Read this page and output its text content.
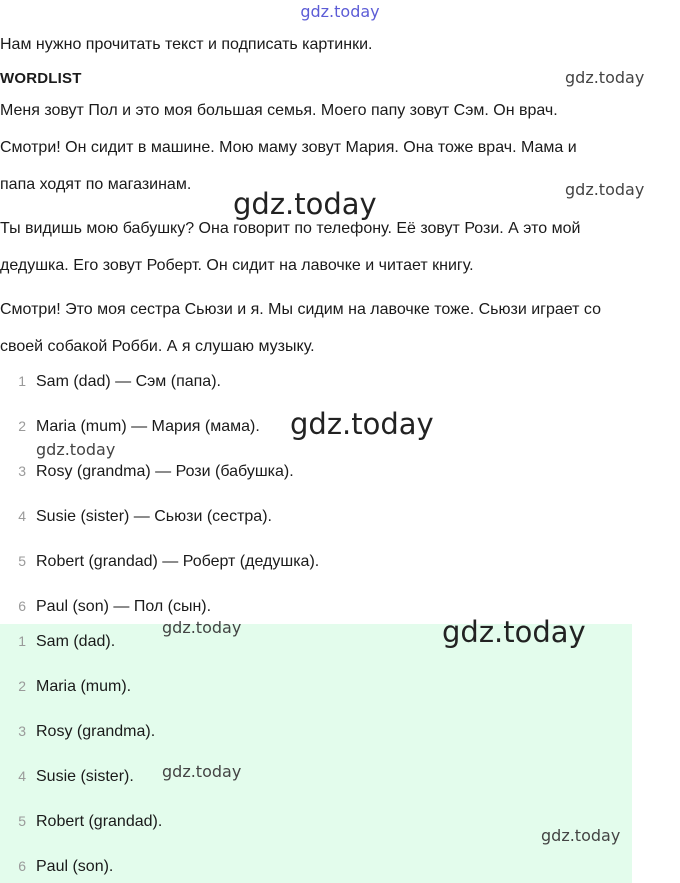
gdz.today
Нам нужно прочитать текст и подписать картинки.
WORDLIST
Меня зовут Пол и это моя большая семья. Моего папу зовут Сэм. Он врач.
Смотри! Он сидит в машине. Мою маму зовут Мария. Она тоже врач. Мама и
папа ходят по магазинам.
Ты видишь мою бабушку? Она говорит по телефону. Её зовут Рози. А это мой
дедушка. Его зовут Роберт. Он сидит на лавочке и читает книгу.
Смотри! Это моя сестра Сьюзи и я. Мы сидим на лавочке тоже. Сьюзи играет со
своей собакой Робби. А я слушаю музыку.
1 Sam (dad) — Сэм (папа).
2 Maria (mum) — Мария (мама).
3 Rosy (grandma) — Рози (бабушка).
4 Susie (sister) — Сьюзи (сестра).
5 Robert (grandad) — Роберт (дедушка).
6 Paul (son) — Пол (сын).
1 Sam (dad).
2 Maria (mum).
3 Rosy (grandma).
4 Susie (sister).
5 Robert (grandad).
6 Paul (son).
gdz.today
gdz.today
gdz.today
gdz.today
gdz.today
gdz.today	gdz.today
gdz.today
gdz.today
